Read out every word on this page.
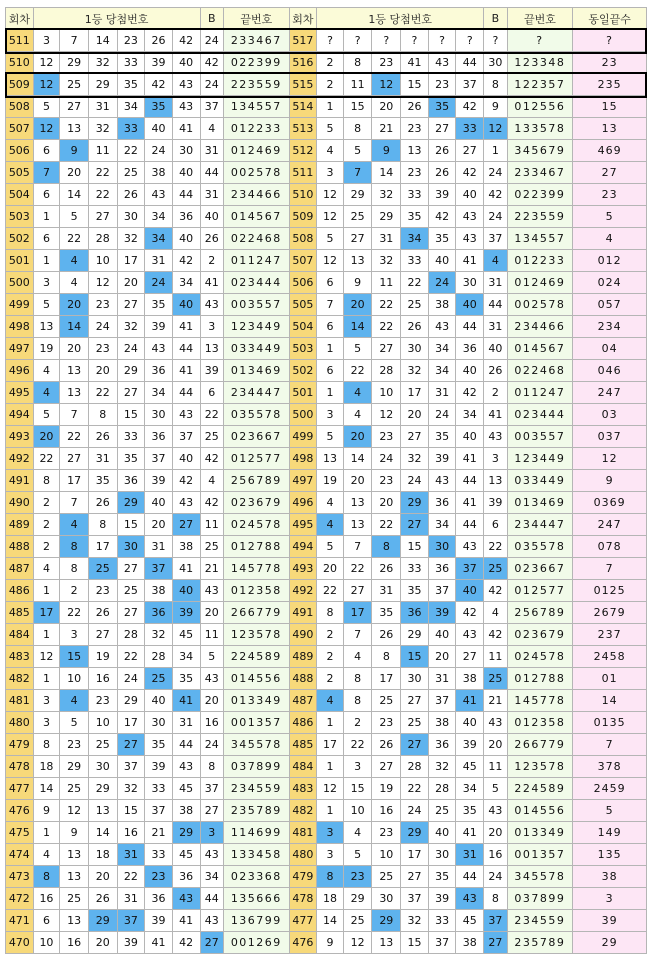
회차	1등 당첨번호						B	끝번호	회차	1등 당첨번호						B	끝번호	동일끝수
511	3	7	14	23	26	42	24	233467	517	?	?	?	?	?	?	?	?	?
510	12	29	32	33	39	40	42	022399	516	2	8	23	41	43	44	30	123348	23
509	12	25	29	35	42	43	24	223559	515	2	11	12	15	23	37	8	122357	235
508	5	27	31	34	35	43	37	134557	514	1	15	20	26	35	42	9	012556	15
507	12	13	32	33	40	41	4	012233	513	5	8	21	23	27	33	12	133578	13
506	6	9	11	22	24	30	31	012469	512	4	5	9	13	26	27	1	345679	469
505	7	20	22	25	38	40	44	002578	511	3	7	14	23	26	42	24	233467	27
504	6	14	22	26	43	44	31	234466	510	12	29	32	33	39	40	42	022399	23
503	1	5	27	30	34	36	40	014567	509	12	25	29	35	42	43	24	223559	5
502	6	22	28	32	34	40	26	022468	508	5	27	31	34	35	43	37	134557	4
501	1	4	10	17	31	42	2	011247	507	12	13	32	33	40	41	4	012233	012
500	3	4	12	20	24	34	41	023444	506	6	9	11	22	24	30	31	012469	024
499	5	20	23	27	35	40	43	003557	505	7	20	22	25	38	40	44	002578	057
498	13	14	24	32	39	41	3	123449	504	6	14	22	26	43	44	31	234466	234
497	19	20	23	24	43	44	13	033449	503	1	5	27	30	34	36	40	014567	04
496	4	13	20	29	36	41	39	013469	502	6	22	28	32	34	40	26	022468	046
495	4	13	22	27	34	44	6	234447	501	1	4	10	17	31	42	2	011247	247
494	5	7	8	15	30	43	22	035578	500	3	4	12	20	24	34	41	023444	03
493	20	22	26	33	36	37	25	023667	499	5	20	23	27	35	40	43	003557	037
492	22	27	31	35	37	40	42	012577	498	13	14	24	32	39	41	3	123449	12
491	8	17	35	36	39	42	4	256789	497	19	20	23	24	43	44	13	033449	9
490	2	7	26	29	40	43	42	023679	496	4	13	20	29	36	41	39	013469	0369
489	2	4	8	15	20	27	11	024578	495	4	13	22	27	34	44	6	234447	247
488	2	8	17	30	31	38	25	012788	494	5	7	8	15	30	43	22	035578	078
487	4	8	25	27	37	41	21	145778	493	20	22	26	33	36	37	25	023667	7
486	1	2	23	25	38	40	43	012358	492	22	27	31	35	37	40	42	012577	0125
485	17	22	26	27	36	39	20	266779	491	8	17	35	36	39	42	4	256789	2679
484	1	3	27	28	32	45	11	123578	490	2	7	26	29	40	43	42	023679	237
483	12	15	19	22	28	34	5	224589	489	2	4	8	15	20	27	11	024578	2458
482	1	10	16	24	25	35	43	014556	488	2	8	17	30	31	38	25	012788	01
481	3	4	23	29	40	41	20	013349	487	4	8	25	27	37	41	21	145778	14
480	3	5	10	17	30	31	16	001357	486	1	2	23	25	38	40	43	012358	0135
479	8	23	25	27	35	44	24	345578	485	17	22	26	27	36	39	20	266779	7
478	18	29	30	37	39	43	8	037899	484	1	3	27	28	32	45	11	123578	378
477	14	25	29	32	33	45	37	234559	483	12	15	19	22	28	34	5	224589	2459
476	9	12	13	15	37	38	27	235789	482	1	10	16	24	25	35	43	014556	5
475	1	9	14	16	21	29	3	114699	481	3	4	23	29	40	41	20	013349	149
474	4	13	18	31	33	45	43	133458	480	3	5	10	17	30	31	16	001357	135
473	8	13	20	22	23	36	34	023368	479	8	23	25	27	35	44	24	345578	38
472	16	25	26	31	36	43	44	135666	478	18	29	30	37	39	43	8	037899	3
471	6	13	29	37	39	41	43	136799	477	14	25	29	32	33	45	37	234559	39
470	10	16	20	39	41	42	27	001269	476	9	12	13	15	37	38	27	235789	29
